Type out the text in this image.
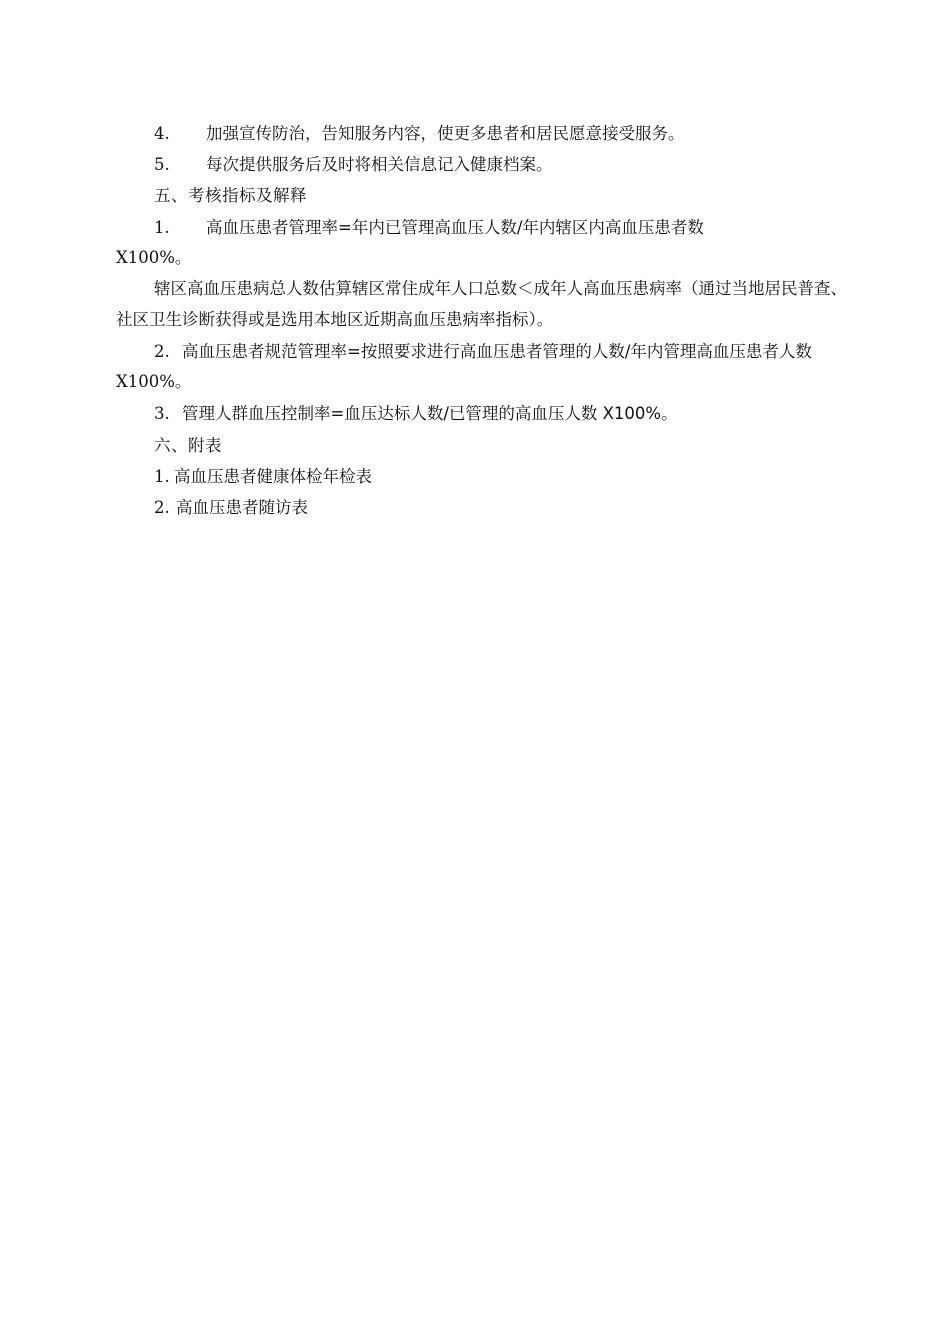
4. 加强宣传防治，告知服务内容，使更多患者和居民愿意接受服务。
5. 每次提供服务后及时将相关信息记入健康档案。
五、考核指标及解释
1. 高血压患者管理率=年内已管理高血压人数/年内辖区内高血压患者数
X100%。
辖区高血压患病总人数估算辖区常住成年人口总数＜成年人高血压患病率（通过当地居民普查、
社区卫生诊断获得或是选用本地区近期高血压患病率指标）。
2. 高血压患者规范管理率=按照要求进行高血压患者管理的人数/年内管理高血压患者人数
X100%。
3. 管理人群血压控制率=血压达标人数/已管理的高血压人数 X100%。
六、附表
1. 高血压患者健康体检年检表
2. 高血压患者随访表
